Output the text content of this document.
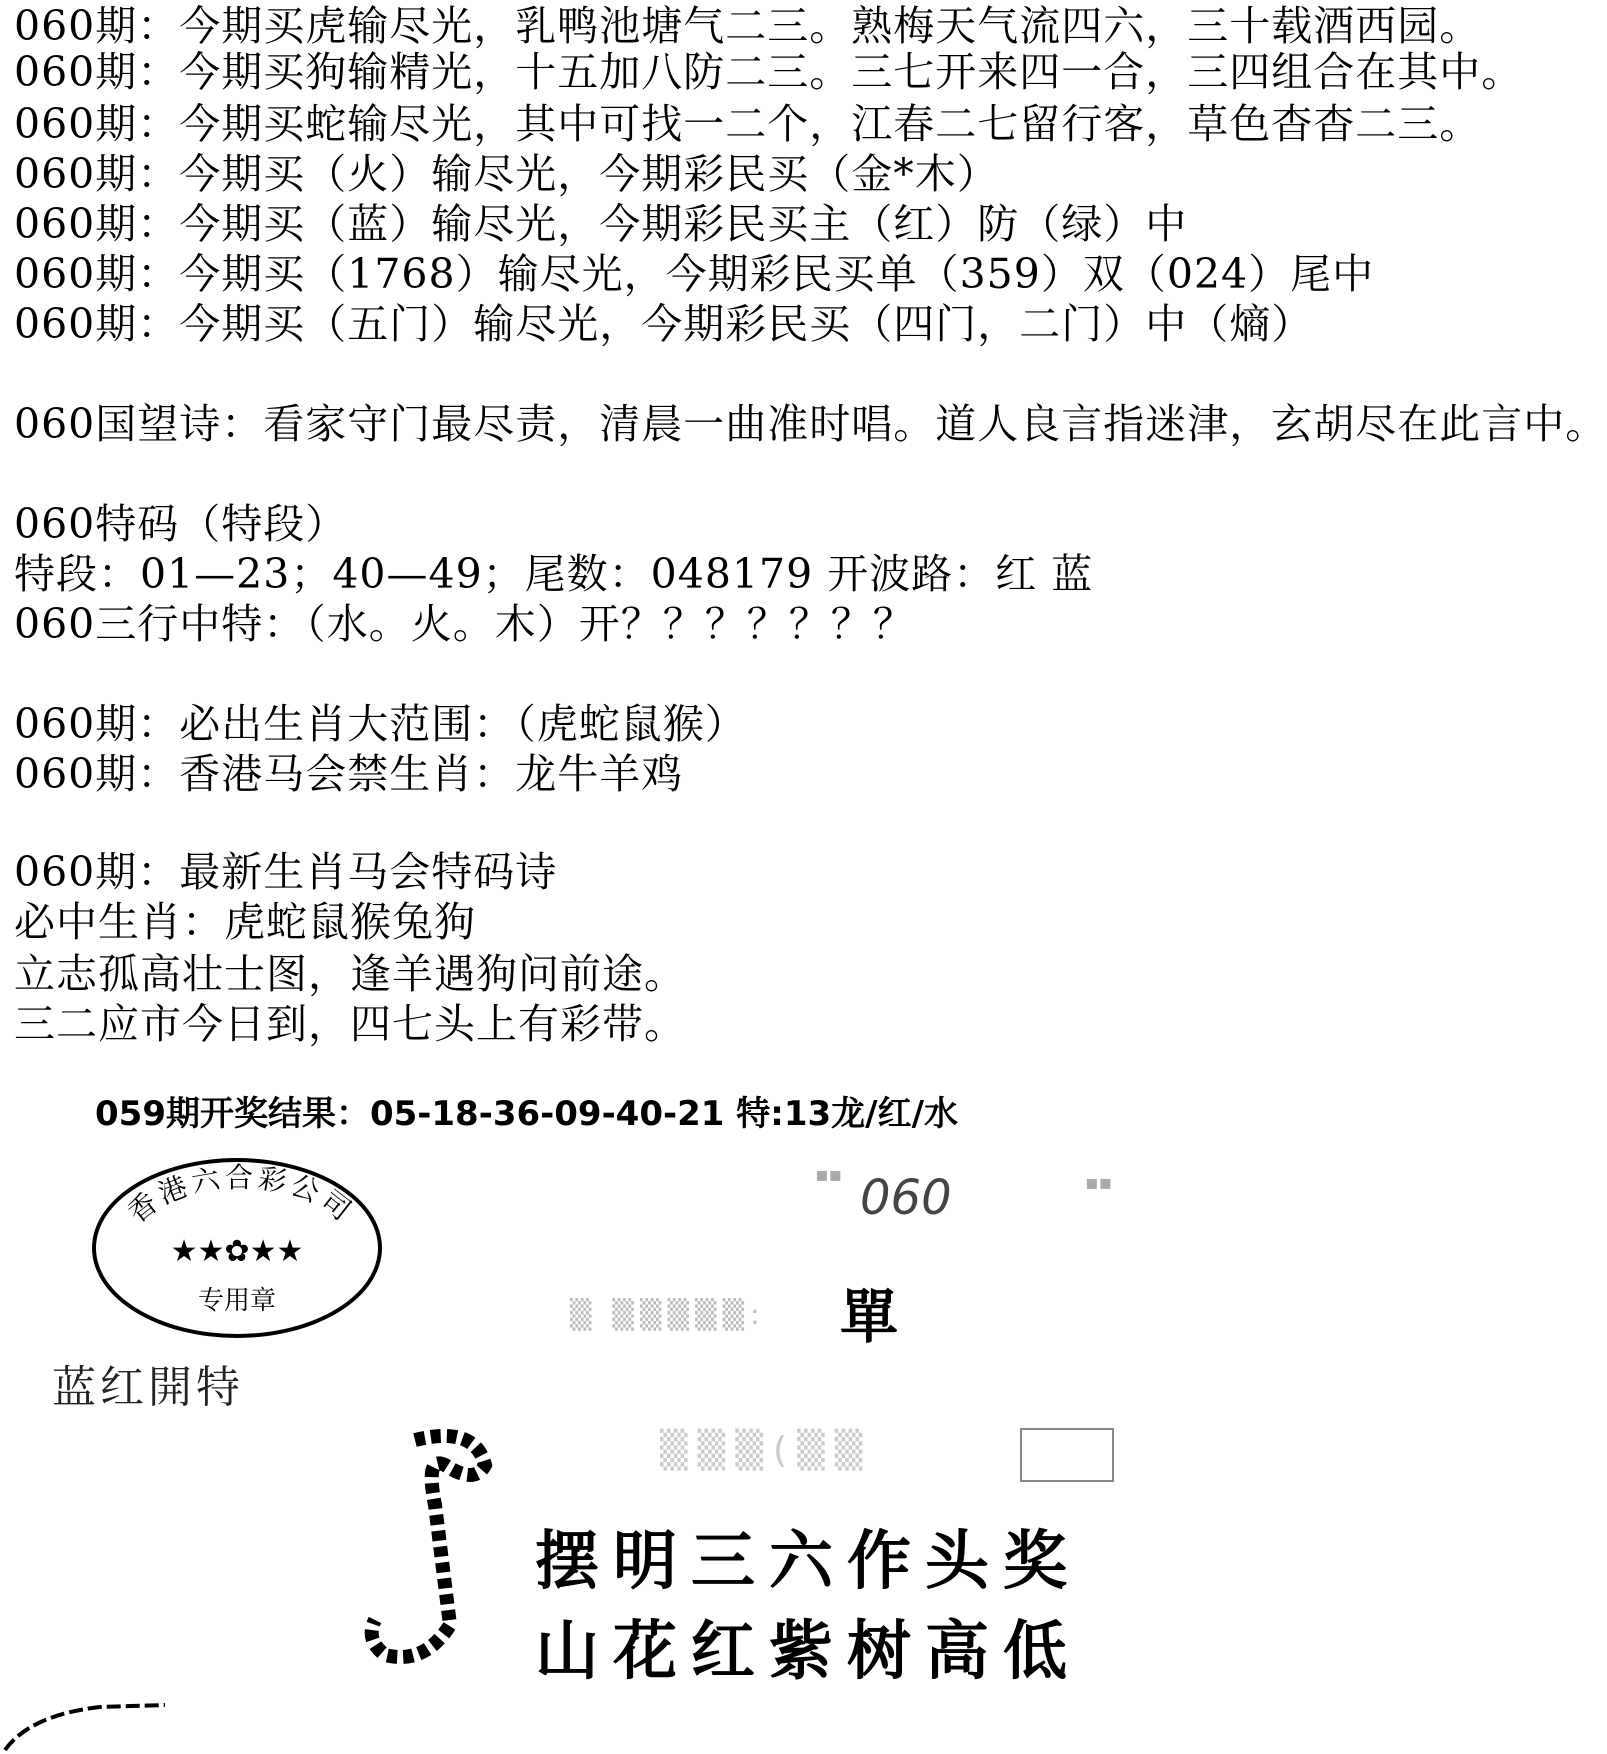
060期：今期买虎输尽光，乳鸭池塘气二三。熟梅天气流四六，三十载酒西园。
060期：今期买狗输精光，十五加八防二三。三七开来四一合，三四组合在其中。
060期：今期买蛇输尽光，其中可找一二个，江春二七留行客，草色杳杳二三。
060期：今期买（火）输尽光，今期彩民买（金*木）
060期：今期买（蓝）输尽光，今期彩民买主（红）防（绿）中
060期：今期买（1768）输尽光，今期彩民买单（359）双（024）尾中
060期：今期买（五门）输尽光，今期彩民买（四门，二门）中（熵）
060国望诗：看家守门最尽责，清晨一曲准时唱。道人良言指迷津，玄胡尽在此言中。
060特码（特段）
特段：01—23；40—49；尾数：048179 开波路：红 蓝
060三行中特：（水。火。木）开？？？？？？？
060期：必出生肖大范围：（虎蛇鼠猴）
060期：香港马会禁生肖：龙牛羊鸡
060期：最新生肖马会特码诗
必中生肖：虎蛇鼠猴兔狗
立志孤高壮士图，逢羊遇狗问前途。
三二应市今日到，四七头上有彩带。
059期开奖结果：05-18-36-09-40-21 特:13龙/红/水
香港六合彩公司
★★✿★★
专用章
060
▪▪	▪▪
▒ ▒▒▒▒▒: 單
蓝红開特
▒▒▒(▒▒
摆明三六作头奖
山花红紫树高低
